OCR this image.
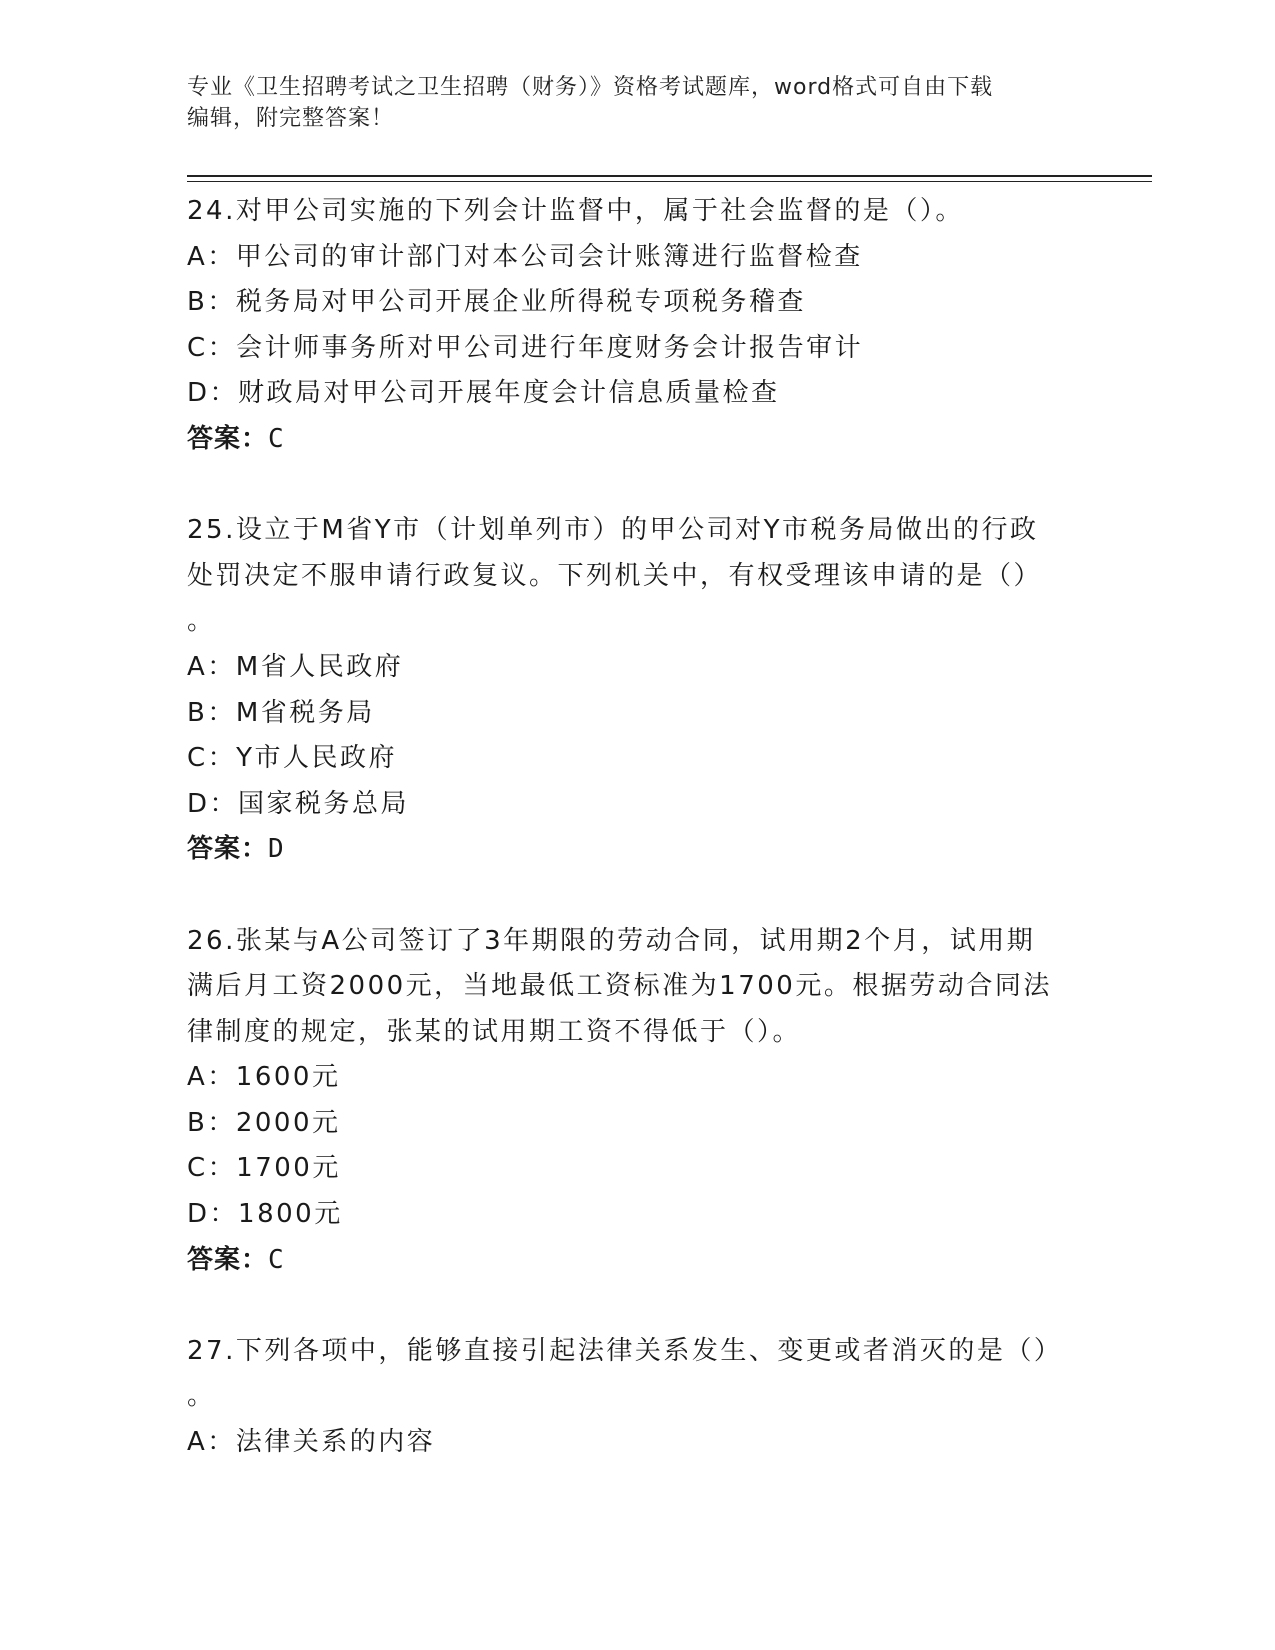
专业《卫生招聘考试之卫生招聘（财务）》资格考试题库，word格式可自由下载
编辑，附完整答案！

24.对甲公司实施的下列会计监督中，属于社会监督的是（）。

A：甲公司的审计部门对本公司会计账簿进行监督检查

B：税务局对甲公司开展企业所得税专项税务稽查

C：会计师事务所对甲公司进行年度财务会计报告审计

D：财政局对甲公司开展年度会计信息质量检查

答案：C

25.设立于M省Y市（计划单列市）的甲公司对Y市税务局做出的行政

处罚决定不服申请行政复议。下列机关中，有权受理该申请的是（）

。

A：M省人民政府

B：M省税务局

C：Y市人民政府

D：国家税务总局

答案：D

26.张某与A公司签订了3年期限的劳动合同，试用期2个月，试用期

满后月工资2000元，当地最低工资标准为1700元。根据劳动合同法

律制度的规定，张某的试用期工资不得低于（）。

A：1600元

B：2000元

C：1700元

D：1800元

答案：C

27.下列各项中，能够直接引起法律关系发生、变更或者消灭的是（）

。

A：法律关系的内容
